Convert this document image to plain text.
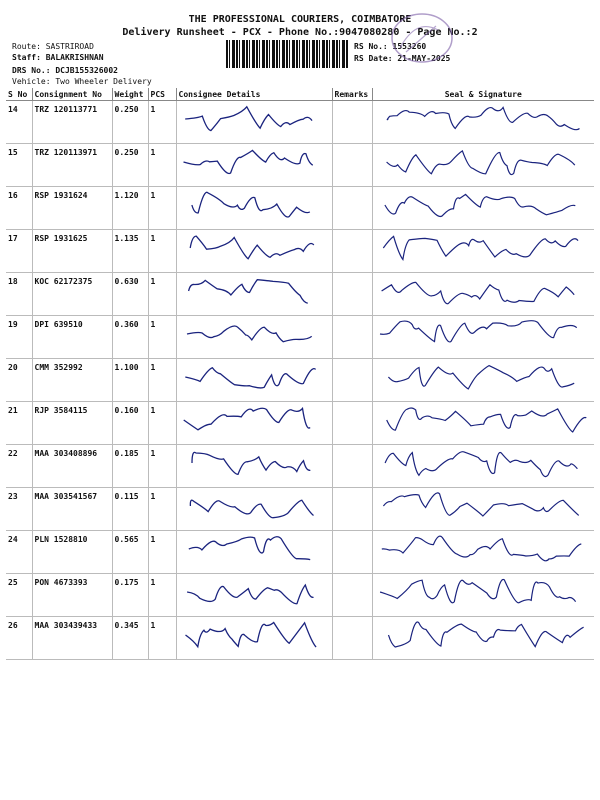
THE PROFESSIONAL COURIERS, COIMBATORE
Delivery Runsheet - PCX - Phone No.:9047080280 - Page No.:2
Route: SASTRIROAD
Staff: BALAKRISHNAN
DRS No.: DCJB155326002
Vehicle: Two Wheeler Delivery
RS No.: 1553260
RS Date: 21-MAY-2025
S No	Consignment No	Weight	PCS	Consignee Details	Remarks	Seal & Signature
14	TRZ 120113771	0.250	1	

15	TRZ 120113971	0.250	1	

16	RSP 1931624	1.120	1	

17	RSP 1931625	1.135	1	

18	KOC 62172375	0.630	1	

19	DPI 639510	0.360	1	

20	CMM 352992	1.100	1	

21	RJP 3584115	0.160	1	

22	MAA 303408896	0.185	1	

23	MAA 303541567	0.115	1	

24	PLN 1528810	0.565	1	

25	PON 4673393	0.175	1	

26	MAA 303439433	0.345	1	
